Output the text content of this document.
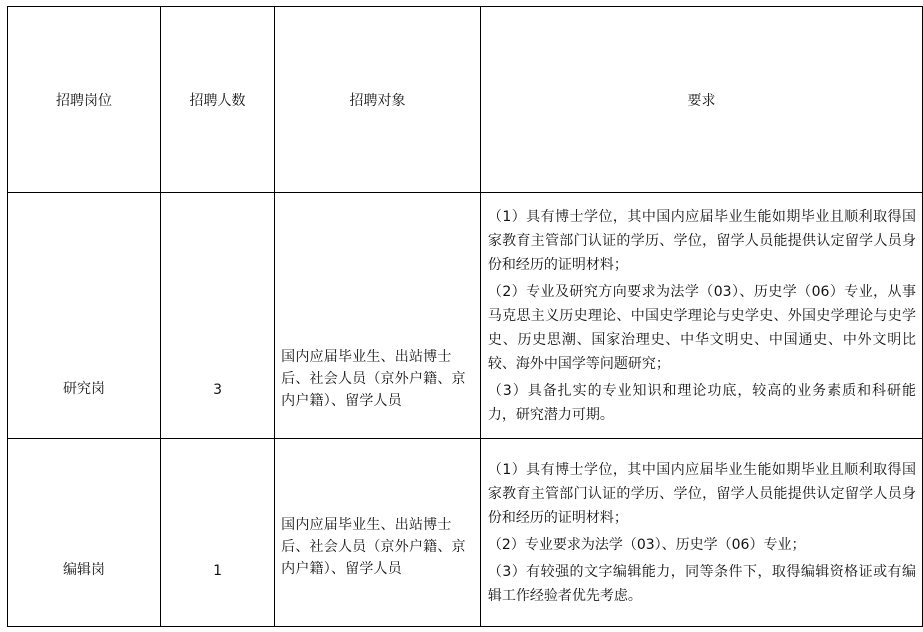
招聘岗位	招聘人数	招聘对象	要求

研究岗	3	国内应届毕业生、出站博士后、社会人员（京外户籍、京内户籍）、留学人员	（1）具有博士学位，其中国内应届毕业生能如期毕业且顺利取得国家教育主管部门认证的学历、学位，留学人员能提供认定留学人员身份和经历的证明材料；

（2）专业及研究方向要求为法学（03）、历史学（06）专业，从事马克思主义历史理论、中国史学理论与史学史、外国史学理论与史学史、历史思潮、国家治理史、中华文明史、中国通史、中外文明比较、海外中国学等问题研究；

（3）具备扎实的专业知识和理论功底，较高的业务素质和科研能力，研究潜力可期。

编辑岗	1	国内应届毕业生、出站博士后、社会人员（京外户籍、京内户籍）、留学人员	（1）具有博士学位，其中国内应届毕业生能如期毕业且顺利取得国家教育主管部门认证的学历、学位，留学人员能提供认定留学人员身份和经历的证明材料；

（2）专业要求为法学（03）、历史学（06）专业；

（3）有较强的文字编辑能力，同等条件下，取得编辑资格证或有编辑工作经验者优先考虑。
